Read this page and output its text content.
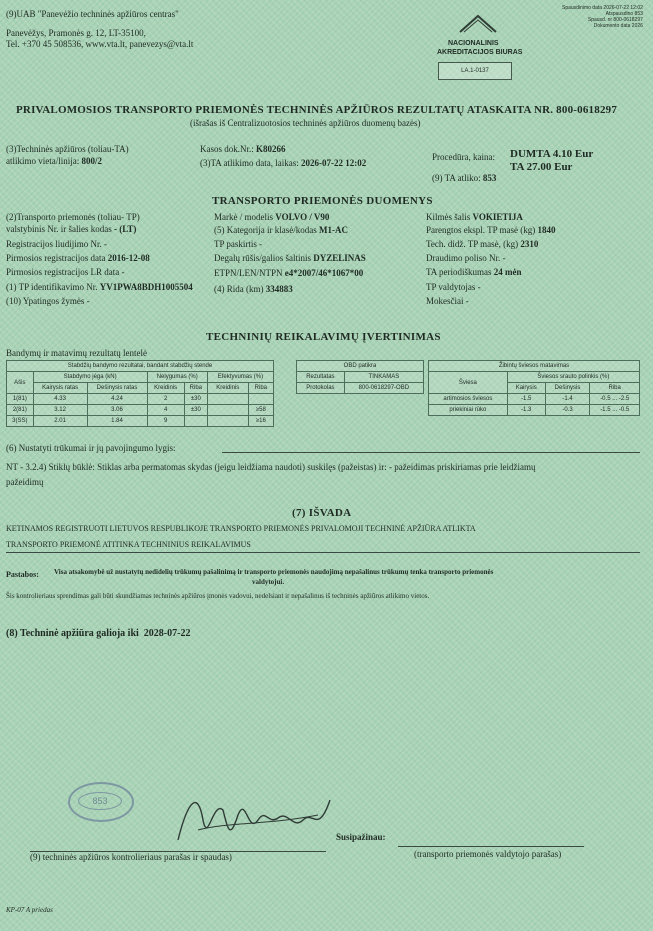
(9)UAB "Panevėžio techninės apžiūros centras"
Panevėžys, Pramonės g. 12, LT-35100,
Tel. +370 45 508536, www.vta.lt, panevezys@vta.lt	NACIONALINIS
AKREDITACIJOS BIURAS
LA.1-0137
Spausdinimo data 2026-07-22 12:02
Atspausdino 853
Spausd. nr 800-0618297
Dokumento data 2026
PRIVALOMOSIOS TRANSPORTO PRIEMONĖS TECHNINĖS APŽIŪROS REZULTATŲ ATASKAITA NR. 800-0618297
(išrašas iš Centralizuotosios techninės apžiūros duomenų bazės)
(3)Techninės apžiūros (toliau-TA)
atlikimo vieta/linija: 800/2
Kasos dok.Nr.: K80266
(3)TA atlikimo data, laikas: 2026-07-22 12:02
Procedūra, kaina: DUMTA 4.10 Eur
TA 27.00 Eur
(9) TA atliko: 853
TRANSPORTO PRIEMONĖS DUOMENYS
(2)Transporto priemonės (toliau- TP)
valstybinis Nr. ir šalies kodas - (LT)
Registracijos liudijimo Nr. -
Pirmosios registracijos data 2016-12-08
Pirmosios registracijos LR data -
(1) TP identifikavimo Nr. YV1PWA8BDH1005504
(10) Ypatingos žymės -
Markė / modelis VOLVO / V90
(5) Kategorija ir klasė/kodas M1-AC
TP paskirtis -
Degalų rūšis/galios šaltinis DYZELINAS
ETPN/LEN/NTPN e4*2007/46*1067*00
(4) Rida (km) 334883
Kilmės šalis VOKIETIJA
Parengtos ekspl. TP masė (kg) 1840
Tech. didž. TP masė, (kg) 2310
Draudimo poliso Nr. -
TA periodiškumas 24 mėn
TP valdytojas -
Mokesčiai -
TECHNINIŲ REIKALAVIMŲ ĮVERTINIMAS
Bandymų ir matavimų rezultatų lentelė
Stabdžių bandymo rezultatai, bandant stabdžių stende						
Ašis	Stabdymo jėga (kN)		Nelygumas (%)		Efektyvumas (%)	
	Kairysis ratas	Dešinysis ratas	Kreidinis	Riba	Kreidinis	Riba
1(81)	4.33	4.24	2	±30		
2(81)	3.12	3.06	4	±30		≥58
3(SS)	2.01	1.84	9			≥16
OBD patikra	
Rezultatas	TINKAMAS
Protokolas	800-0618297-OBD
Žibintų šviesos matavimas			
Šviesa	Šviesos srauto polinkis (%)		
	Kairysis	Dešinysis	Riba
artimosios šviesos	-1.5	-1.4	-0.5 ... -2.5
priekiniai rūko	-1.3	-0.3	-1.5 ... -0.5
(6) Nustatyti trūkumai ir jų pavojingumo lygis:
NT - 3.2.4) Stiklų būklė: Stiklas arba permatomas skydas (jeigu leidžiama naudoti) suskilęs (pažeistas) ir: - pažeidimas priskiriamas prie leidžiamų
pažeidimų
(7) IŠVADA
KETINAMOS REGISTRUOTI LIETUVOS RESPUBLIKOJE TRANSPORTO PRIEMONĖS PRIVALOMOJI TECHNINĖ APŽIŪRA ATLIKTA
TRANSPORTO PRIEMONĖ ATITINKA TECHNINIUS REIKALAVIMUS
Pastabos: Visa atsakomybė už nustatytų nedidelių trūkumų pašalinimą ir transporto priemonės naudojimą nepašalinus trūkumų tenka transporto priemonės
valdytojui.
Šis kontrolieriaus sprendimas gali būti skundžiamas techninės apžiūros įmonės vadovui, nedelsiant ir nepašalinus iš techninės apžiūros atlikimo vietos.
(8) Techninė apžiūra galioja iki 2028-07-22
853
(9) techninės apžiūros kontrolieriaus parašas ir spaudas)
Susipažinau:
(transporto priemonės valdytojo parašas)
KP-07 A priedas
